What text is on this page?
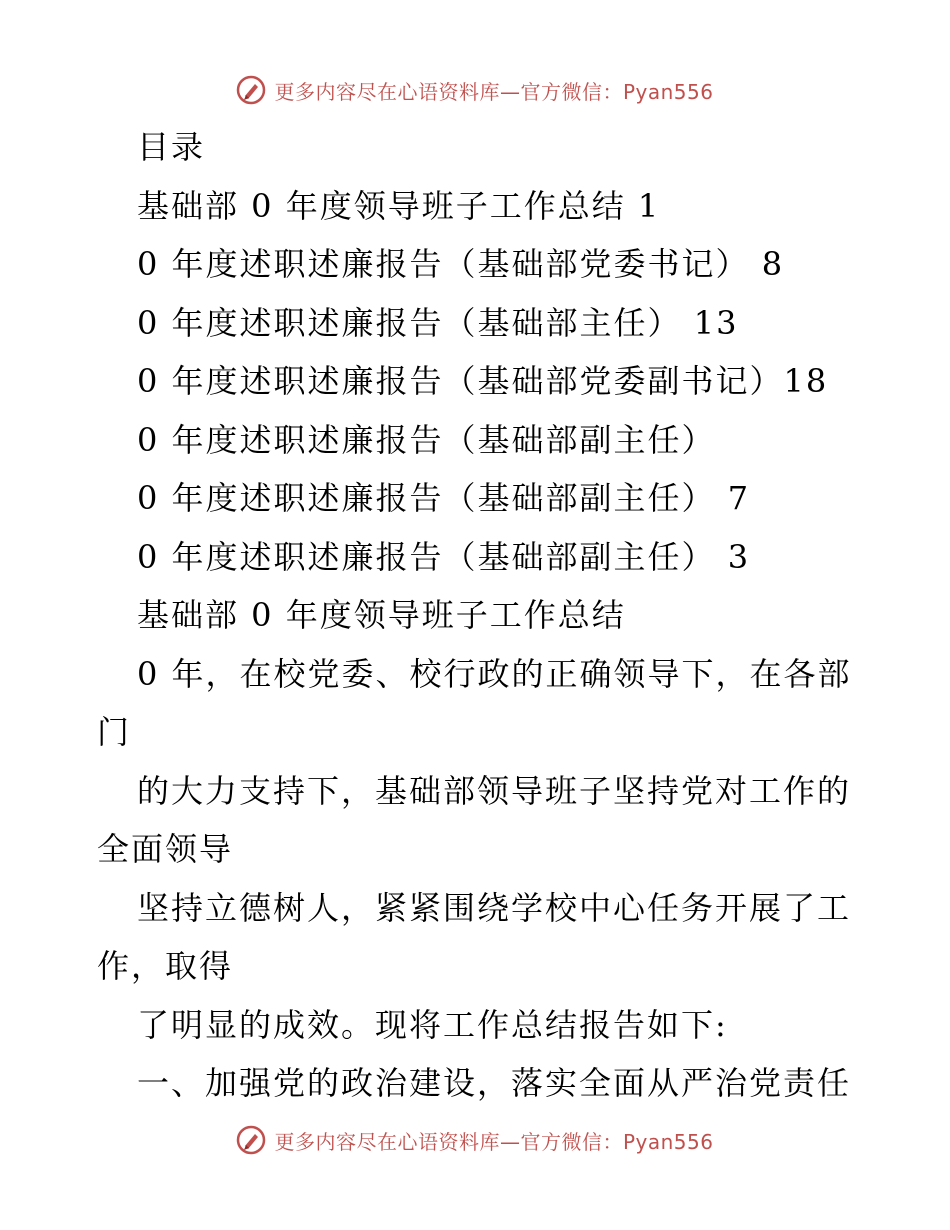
更多内容尽在心语资料库—官方微信：Pyan556
目录
基础部 0 年度领导班子工作总结 1
0 年度述职述廉报告（基础部党委书记） 8
0 年度述职述廉报告（基础部主任） 13
0 年度述职述廉报告（基础部党委副书记）18
0 年度述职述廉报告（基础部副主任）
0 年度述职述廉报告（基础部副主任） 7
0 年度述职述廉报告（基础部副主任） 3
基础部 0 年度领导班子工作总结
0 年，在校党委、校行政的正确领导下，在各部
门
的大力支持下，基础部领导班子坚持党对工作的
全面领导
坚持立德树人，紧紧围绕学校中心任务开展了工
作，取得
了明显的成效。现将工作总结报告如下:
一、加强党的政治建设，落实全面从严治党责任
更多内容尽在心语资料库—官方微信：Pyan556
